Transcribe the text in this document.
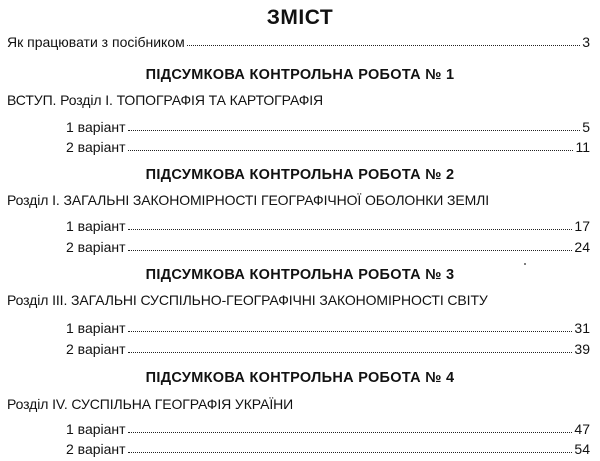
ЗМІСТ
Як працювати з посібником	3
ПІДСУМКОВА КОНТРОЛЬНА РОБОТА № 1
ВСТУП. Розділ І. ТОПОГРАФІЯ ТА КАРТОГРАФІЯ
1 варіант	5
2 варіант	11
ПІДСУМКОВА КОНТРОЛЬНА РОБОТА № 2
Розділ І. ЗАГАЛЬНІ ЗАКОНОМІРНОСТІ ГЕОГРАФІЧНОЇ ОБОЛОНКИ ЗЕМЛІ
1 варіант	17
2 варіант	24
ПІДСУМКОВА КОНТРОЛЬНА РОБОТА № 3
Розділ ІІІ. ЗАГАЛЬНІ СУСПІЛЬНО-ГЕОГРАФІЧНІ ЗАКОНОМІРНОСТІ СВІТУ
1 варіант	31
2 варіант	39
ПІДСУМКОВА КОНТРОЛЬНА РОБОТА № 4
Розділ IV. СУСПІЛЬНА ГЕОГРАФІЯ УКРАЇНИ
1 варіант	47
2 варіант	54
